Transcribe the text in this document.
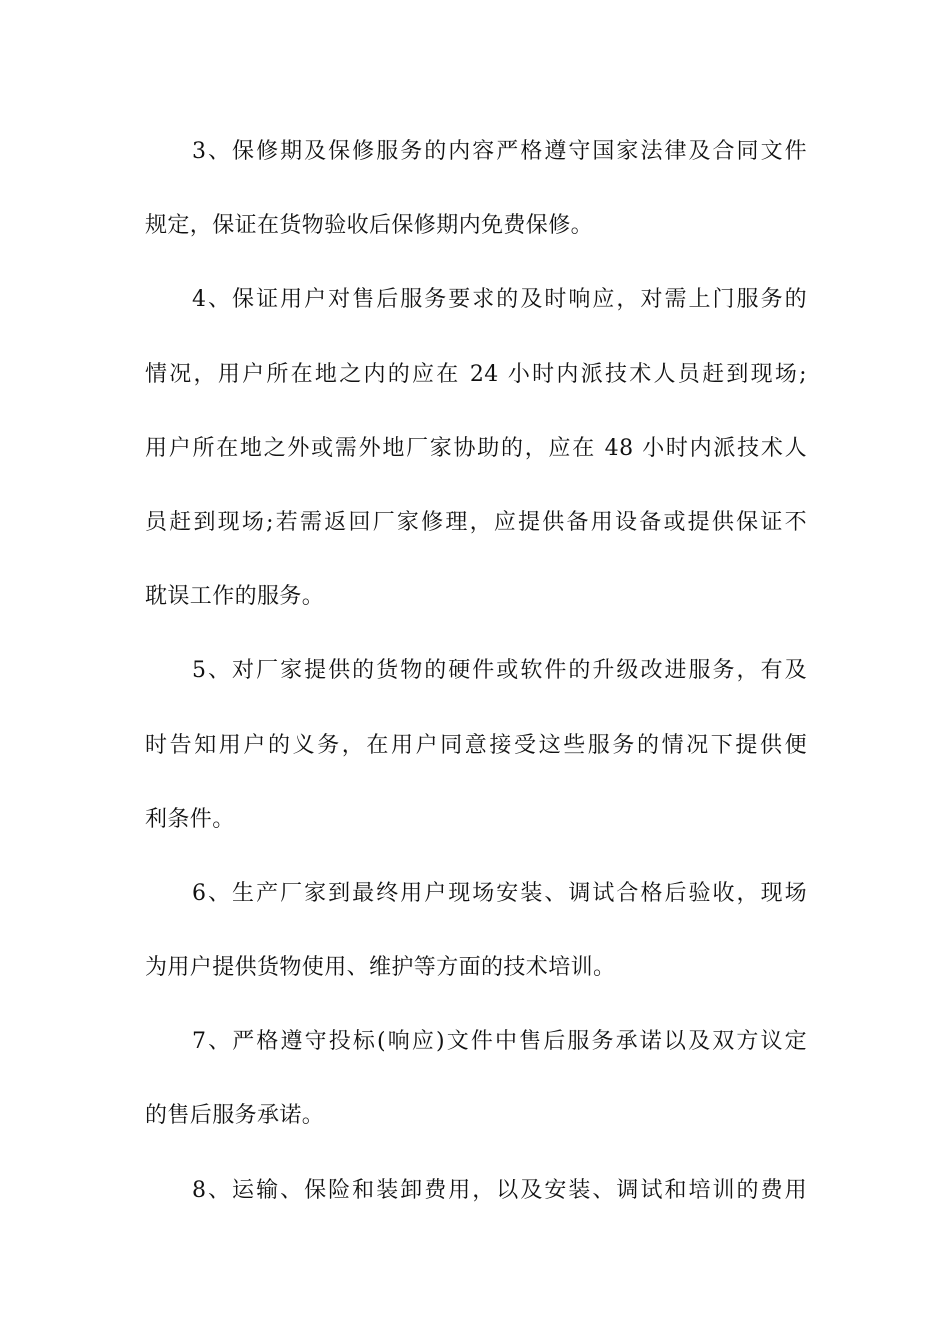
3、保修期及保修服务的内容严格遵守国家法律及合同文件
规定，保证在货物验收后保修期内免费保修。
4、保证用户对售后服务要求的及时响应，对需上门服务的
情况，用户所在地之内的应在 24 小时内派技术人员赶到现场;
用户所在地之外或需外地厂家协助的，应在 48 小时内派技术人
员赶到现场;若需返回厂家修理，应提供备用设备或提供保证不
耽误工作的服务。
5、对厂家提供的货物的硬件或软件的升级改进服务，有及
时告知用户的义务，在用户同意接受这些服务的情况下提供便
利条件。
6、生产厂家到最终用户现场安装、调试合格后验收，现场
为用户提供货物使用、维护等方面的技术培训。
7、严格遵守投标(响应)文件中售后服务承诺以及双方议定
的售后服务承诺。
8、运输、保险和装卸费用，以及安装、调试和培训的费用
